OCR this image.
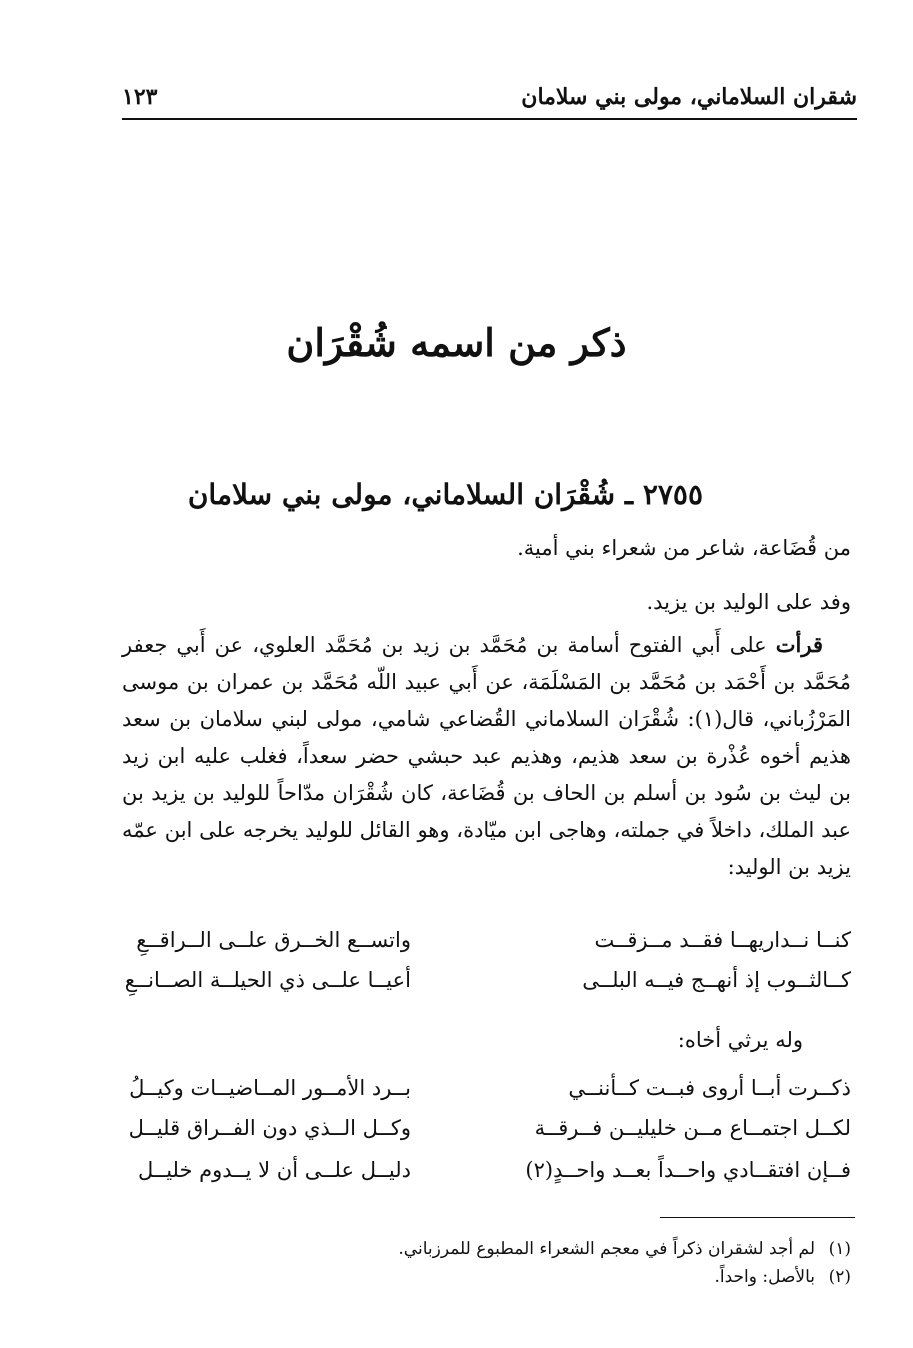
شقران السلاماني، مولى بني سلامان
١٢٣
ذكر من اسمه شُقْرَان
٢٧٥٥ ـ شُقْرَان السلاماني، مولى بني سلامان
من قُضَاعة، شاعر من شعراء بني أمية.
وفد على الوليد بن يزيد.
قرأت على أَبي الفتوح أسامة بن مُحَمَّد بن زيد بن مُحَمَّد العلوي، عن أَبي جعفر مُحَمَّد بن أَحْمَد بن مُحَمَّد بن المَسْلَمَة، عن أَبي عبيد اللّه مُحَمَّد بن عمران بن موسى المَرْزُباني، قال(١): شُقْرَان السلاماني القُضاعي شامي، مولى لبني سلامان بن سعد هذيم أخوه عُذْرة بن سعد هذيم، وهذيم عبد حبشي حضر سعداً، فغلب عليه ابن زيد بن ليث بن سُود بن أسلم بن الحاف بن قُضَاعة، كان شُقْرَان مدّاحاً للوليد بن يزيد بن عبد الملك، داخلاً في جملته، وهاجى ابن ميّادة، وهو القائل للوليد يخرجه على ابن عمّه يزيد بن الوليد:
كنــا نــداريهــا فقــد مــزقــت
واتســع الخــرق علــى الــراقــعِ
كــالثــوب إذ أنهــج فيــه البلــى
أعيــا علــى ذي الحيلــة الصــانــعِ
وله يرثي أخاه:
ذكــرت أبــا أروى فبــت كــأننــي
بــرد الأمــور المــاضيــات وكيــلُ
لكــل اجتمــاع مــن خليليــن فــرقــة
وكــل الــذي دون الفــراق قليــل
فــإن افتقــادي واحــداً بعــد واحــدٍ(٢)
دليــل علــى أن لا يــدوم خليــل
(١)لم أجد لشقران ذكراً في معجم الشعراء المطبوع للمرزباني.
(٢)بالأصل: واحداً.
